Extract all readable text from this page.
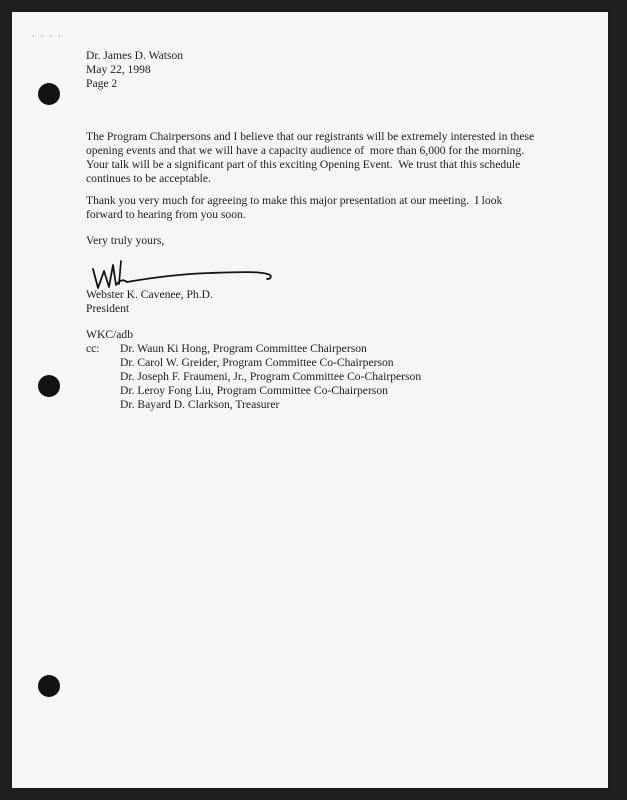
· · · ·
Dr. James D. Watson
May 22, 1998
Page 2
The Program Chairpersons and I believe that our registrants will be extremely interested in these
opening events and that we will have a capacity audience of  more than 6,000 for the morning.
Your talk will be a significant part of this exciting Opening Event.  We trust that this schedule
continues to be acceptable.
Thank you very much for agreeing to make this major presentation at our meeting.  I look
forward to hearing from you soon.
Very truly yours,
Webster K. Cavenee, Ph.D.
President
WKC/adb
cc: Dr. Waun Ki Hong, Program Committee Chairperson
Dr. Carol W. Greider, Program Committee Co-Chairperson
Dr. Joseph F. Fraumeni, Jr., Program Committee Co-Chairperson
Dr. Leroy Fong Liu, Program Committee Co-Chairperson
Dr. Bayard D. Clarkson, Treasurer
